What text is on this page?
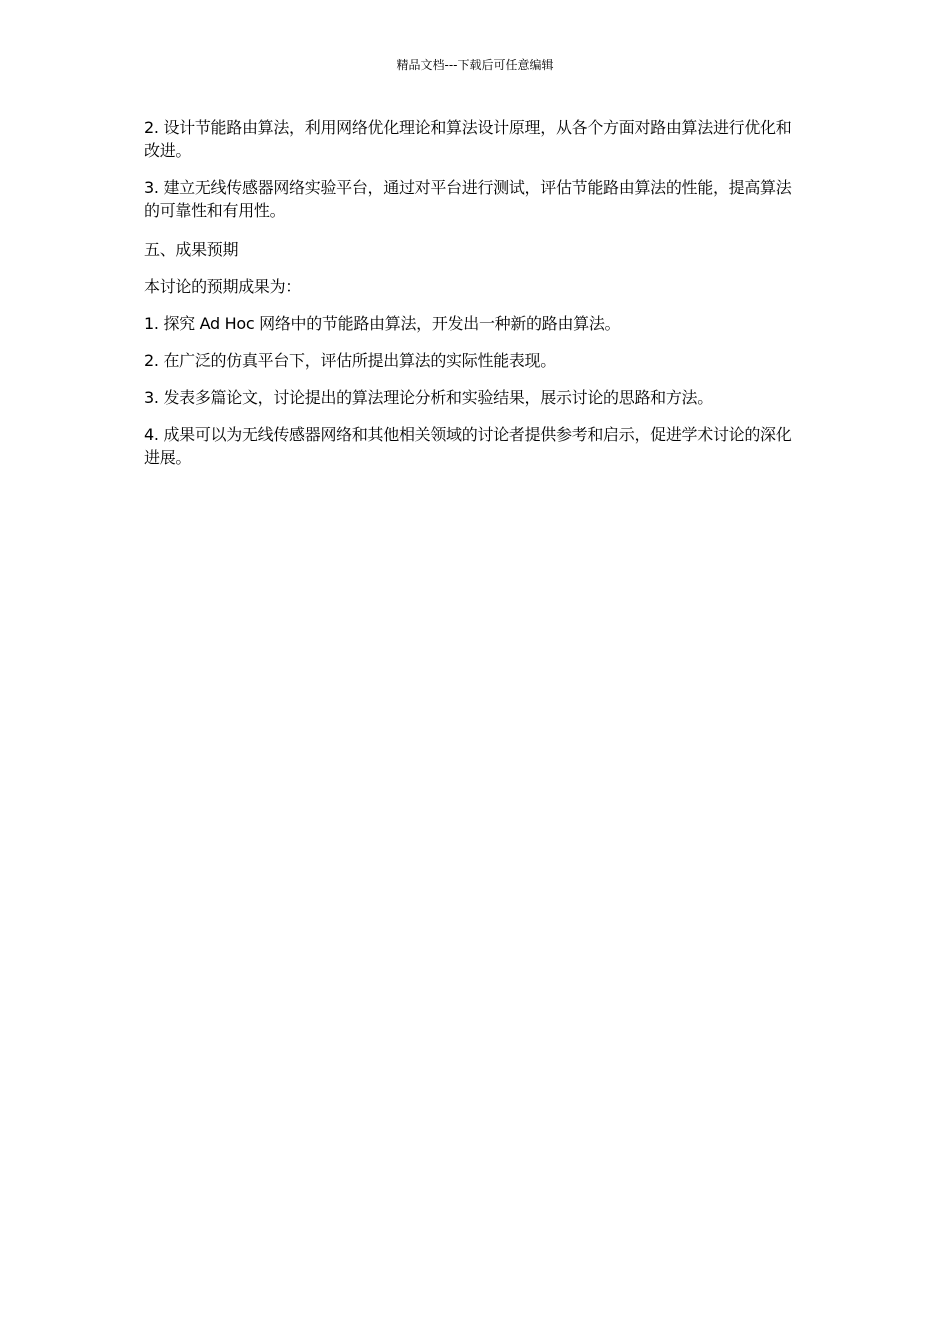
精品文档---下载后可任意编辑

2. 设计节能路由算法，利用网络优化理论和算法设计原理，从各个方面对路由算法进行优化和改进。

3. 建立无线传感器网络实验平台，通过对平台进行测试，评估节能路由算法的性能，提高算法的可靠性和有用性。

五、成果预期

本讨论的预期成果为：

1. 探究 Ad Hoc 网络中的节能路由算法，开发出一种新的路由算法。

2. 在广泛的仿真平台下，评估所提出算法的实际性能表现。

3. 发表多篇论文，讨论提出的算法理论分析和实验结果，展示讨论的思路和方法。

4. 成果可以为无线传感器网络和其他相关领域的讨论者提供参考和启示，促进学术讨论的深化进展。
